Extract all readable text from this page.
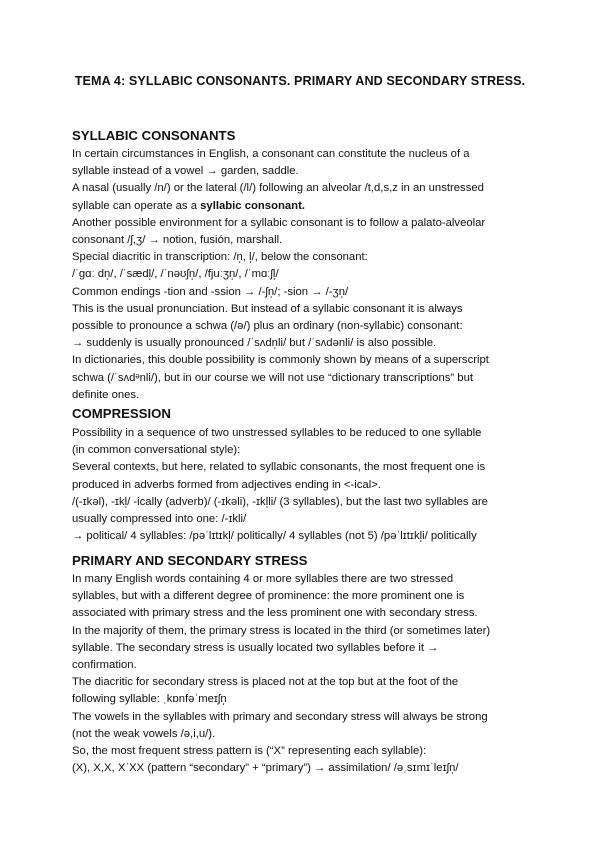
TEMA 4: SYLLABIC CONSONANTS. PRIMARY AND SECONDARY STRESS.
SYLLABIC CONSONANTS
In certain circumstances in English, a consonant can constitute the nucleus of a
syllable instead of a vowel → garden, saddle.
A nasal (usually /n/) or the lateral (/l/) following an alveolar /t,d,s,z in an unstressed
syllable can operate as a syllabic consonant.
Another possible environment for a syllabic consonant is to follow a palato-alveolar
consonant /ʃ,ʒ/ → notion, fusión, marshall.
Special diacritic in transcription: /n̩, l̩/, below the consonant:
/ˈgɑː dn̩/, /ˈsædl̩/, /ˈnəʊʃn̩/, /fjuːʒn̩/, /ˈmɑːʃl̩/
Common endings -tion and -ssion → /-ʃn̩/; -sion → /-ʒn̩/
This is the usual pronunciation. But instead of a syllabic consonant it is always
possible to pronounce a schwa (/ə/) plus an ordinary (non-syllabic) consonant:
→ suddenly is usually pronounced /ˈsʌdn̩li/ but /ˈsʌdənli/ is also possible.
In dictionaries, this double possibility is commonly shown by means of a superscript
schwa (/ˈsʌdᵊnli/), but in our course we will not use “dictionary transcriptions” but
definite ones.
COMPRESSION
Possibility in a sequence of two unstressed syllables to be reduced to one syllable
(in common conversational style):
Several contexts, but here, related to syllabic consonants, the most frequent one is
produced in adverbs formed from adjectives ending in <-ical>.
/(-ɪkəl), -ɪkl̩/ -ically (adverb)/ (-ɪkəli), -ɪkl̩li/ (3 syllables), but the last two syllables are
usually compressed into one: /-ɪkli/
→ political/ 4 syllables: /pəˈlɪtɪkl̩/ politically/ 4 syllables (not 5) /pəˈlɪtɪkl̩i/ politically
PRIMARY AND SECONDARY STRESS
In many English words containing 4 or more syllables there are two stressed
syllables, but with a different degree of prominence: the more prominent one is
associated with primary stress and the less prominent one with secondary stress.
In the majority of them, the primary stress is located in the third (or sometimes later)
syllable. The secondary stress is usually located two syllables before it →
confirmation.
The diacritic for secondary stress is placed not at the top but at the foot of the
following syllable: ˌkɒnfəˈmeɪʃn̩
The vowels in the syllables with primary and secondary stress will always be strong
(not the weak vowels /ə,i,u/).
So, the most frequent stress pattern is (“X” representing each syllable):
(X), X,X, XˈXX (pattern “secondary” + “primary”) → assimilation/ /əˌsɪmɪˈleɪʃn̩/
